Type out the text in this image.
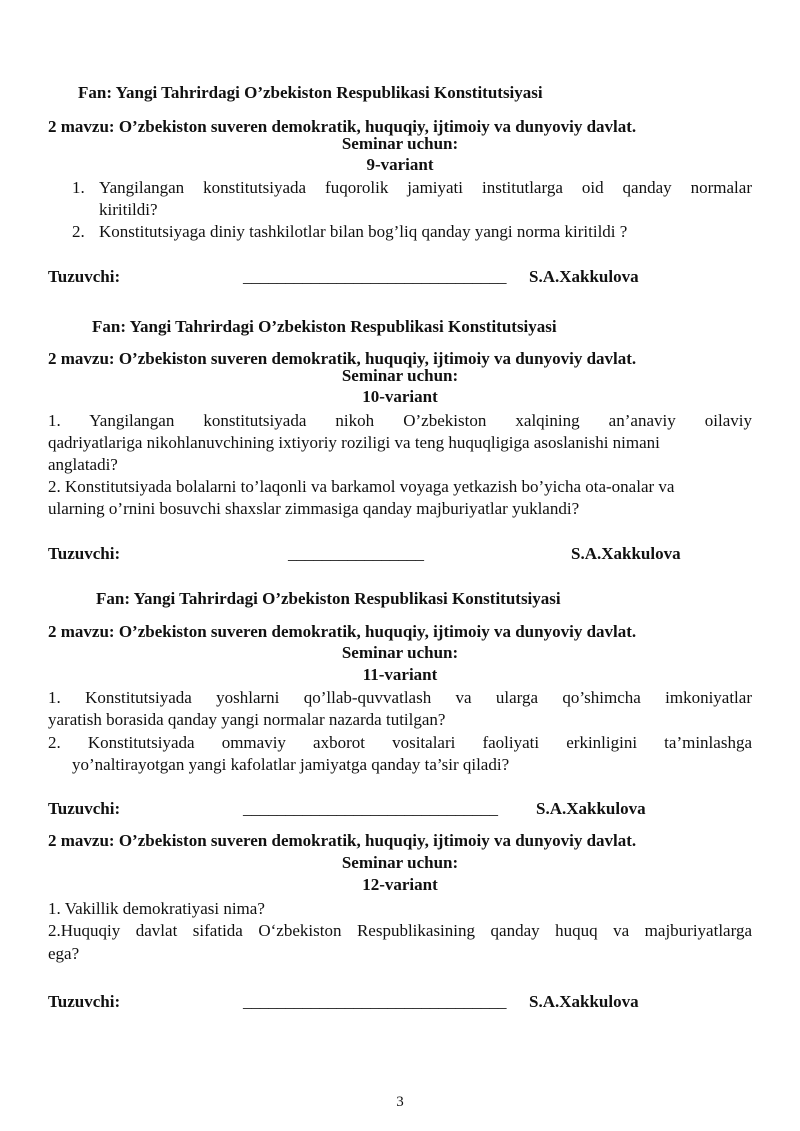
Fan: Yangi Tahrirdagi O’zbekiston Respublikasi Konstitutsiyasi
2 mavzu: O’zbekiston suveren demokratik, huquqiy, ijtimoiy va dunyoviy davlat.
Seminar uchun:
9-variant
1. Yangilangan konstitutsiyada fuqorolik jamiyati institutlarga oid qanday normalar
kiritildi?
2. Konstitutsiyaga diniy tashkilotlar bilan bog’liq qanday yangi norma kiritildi ?
Tuzuvchi:	_______________________________ S.A.Xakkulova
Fan: Yangi Tahrirdagi O’zbekiston Respublikasi Konstitutsiyasi
2 mavzu: O’zbekiston suveren demokratik, huquqiy, ijtimoiy va dunyoviy davlat.
Seminar uchun:
10-variant
1. Yangilangan konstitutsiyada nikoh O’zbekiston xalqining an’anaviy oilaviy
qadriyatlariga nikohlanuvchining ixtiyoriy roziligi va teng huquqligiga asoslanishi nimani
anglatadi?
2. Konstitutsiyada bolalarni to’laqonli va barkamol voyaga yetkazish bo’yicha ota-onalar va
ularning o’rnini bosuvchi shaxslar zimmasiga qanday majburiyatlar yuklandi?
Tuzuvchi:	________________	S.A.Xakkulova
Fan: Yangi Tahrirdagi O’zbekiston Respublikasi Konstitutsiyasi
2 mavzu: O’zbekiston suveren demokratik, huquqiy, ijtimoiy va dunyoviy davlat.
Seminar uchun:
11-variant
1. Konstitutsiyada yoshlarni qo’llab-quvvatlash va ularga qo’shimcha imkoniyatlar
yaratish borasida qanday yangi normalar nazarda tutilgan?
2. Konstitutsiyada ommaviy axborot vositalari faoliyati erkinligini ta’minlashga
yo’naltirayotgan yangi kafolatlar jamiyatga qanday ta’sir qiladi?
Tuzuvchi:	______________________________ S.A.Xakkulova
2 mavzu: O’zbekiston suveren demokratik, huquqiy, ijtimoiy va dunyoviy davlat.
Seminar uchun:
12-variant
1. Vakillik demokratiyasi nima?
2.Huquqiy davlat sifatida O‘zbekiston Respublikasining qanday huquq va majburiyatlarga
ega?
Tuzuvchi:	_______________________________ S.A.Xakkulova
3
